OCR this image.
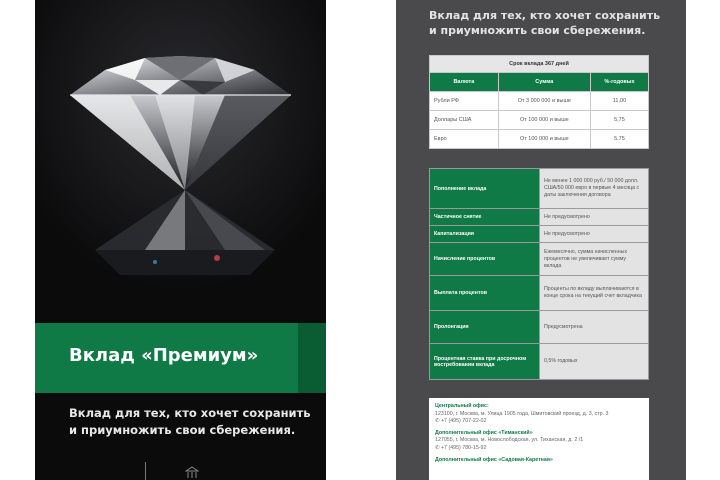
Вклад «Премиум»
Вклад для тех, кто хочет сохранить
и приумножить свои сбережения.
Вклад для тех, кто хочет сохранить
и приумножить свои сбережения.
Срок вклада 367 дней		
Валюта	Сумма	%-годовых
Рубли РФ	От 3 000 000 и выше	11,00
Доллары США	От 100 000 и выше	5,75
Евро	От 100 000 и выше	5,75
Пополнение вклада	Не менее 1 000 000 руб./ 50 000 долл. США/50 000 евро в первые 4 месяца с даты заключения договора
Частичное снятие	Не предусмотрено
Капитализация	Не предусмотрено
Начисление процентов	Ежемесячно, сумма начисленных процентов не увеличивает сумму вклада
Выплата процентов	Проценты по вкладу выплачиваются в конце срока на текущий счет вкладчика
Пролонгация	Предусмотрена
Процентная ставка при досрочном востребовании вклада	0,5% годовых
Центральный офис:
123100, г. Москва, м. Улица 1905 года, Шмитовский проезд, д. 3, стр. 3
✆ +7 (495) 707-22-02
Дополнительный офис «Тиманский»
127055, г. Москва, м. Новослободская, ул. Тиханская, д. 2 /1
✆ +7 (495) 780-15-92
Дополнительный офис «Садовая-Каретная»
